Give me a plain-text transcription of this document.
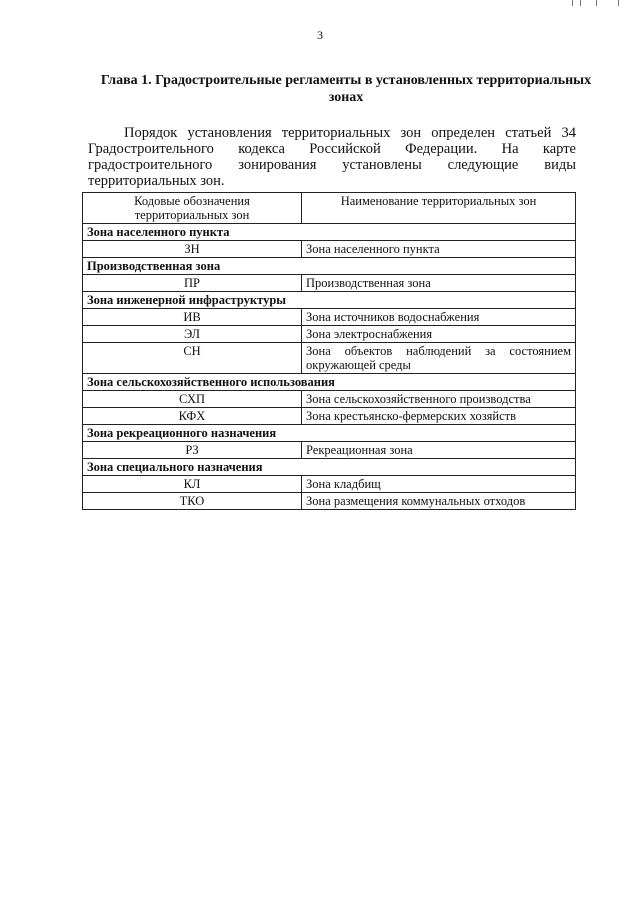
3
Глава 1. Градостроительные регламенты в установленных территориальных зонах

Порядок установления территориальных зон определен статьей 34 Градостроительного кодекса Российской Федерации. На карте градостроительного зонирования установлены следующие виды территориальных зон.

Кодовые обозначения территориальных зон	Наименование территориальных зон
Зона населенного пункта	
ЗН	Зона населенного пункта
Производственная зона	
ПР	Производственная зона
Зона инженерной инфраструктуры	
ИВ	Зона источников водоснабжения
ЭЛ	Зона электроснабжения
СН	Зона объектов наблюдений за состоянием окружающей среды
Зона сельскохозяйственного использования	
СХП	Зона сельскохозяйственного производства
КФХ	Зона крестьянско-фермерских хозяйств
Зона рекреационного назначения	
РЗ	Рекреационная зона
Зона специального назначения	
КЛ	Зона кладбищ
ТКО	Зона размещения коммунальных отходов
